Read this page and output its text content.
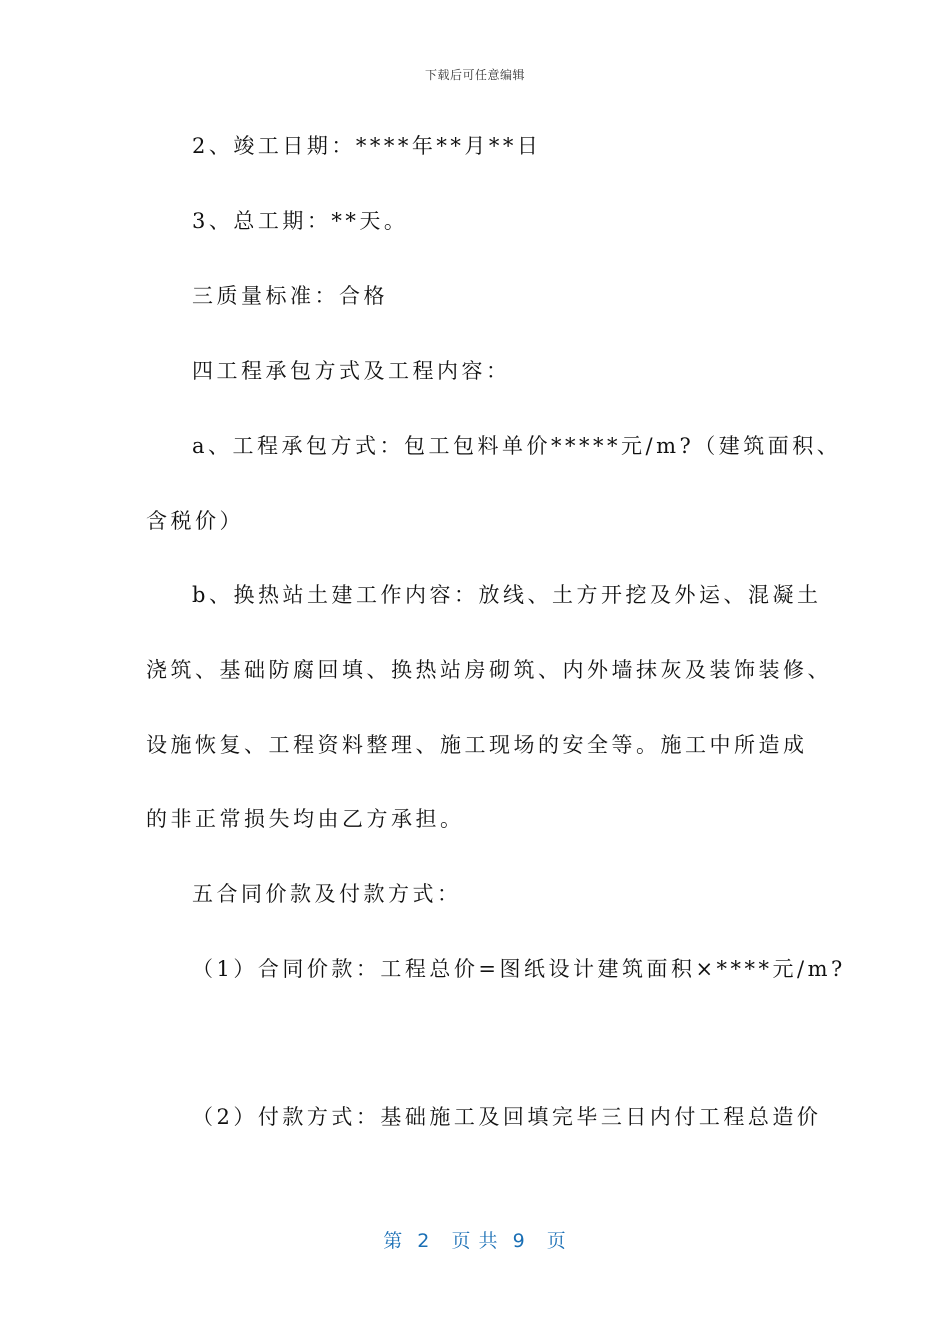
下载后可任意编辑
2、竣工日期：****年**月**日
3、总工期：**天。
三质量标准：合格
四工程承包方式及工程内容：
a、工程承包方式：包工包料单价*****元/m?（建筑面积、
含税价）
b、换热站土建工作内容：放线、土方开挖及外运、混凝土
浇筑、基础防腐回填、换热站房砌筑、内外墙抹灰及装饰装修、
设施恢复、工程资料整理、施工现场的安全等。施工中所造成
的非正常损失均由乙方承担。
五合同价款及付款方式：
（1）合同价款：工程总价=图纸设计建筑面积×****元/m?
（2）付款方式：基础施工及回填完毕三日内付工程总造价
第  2   页 共  9   页
